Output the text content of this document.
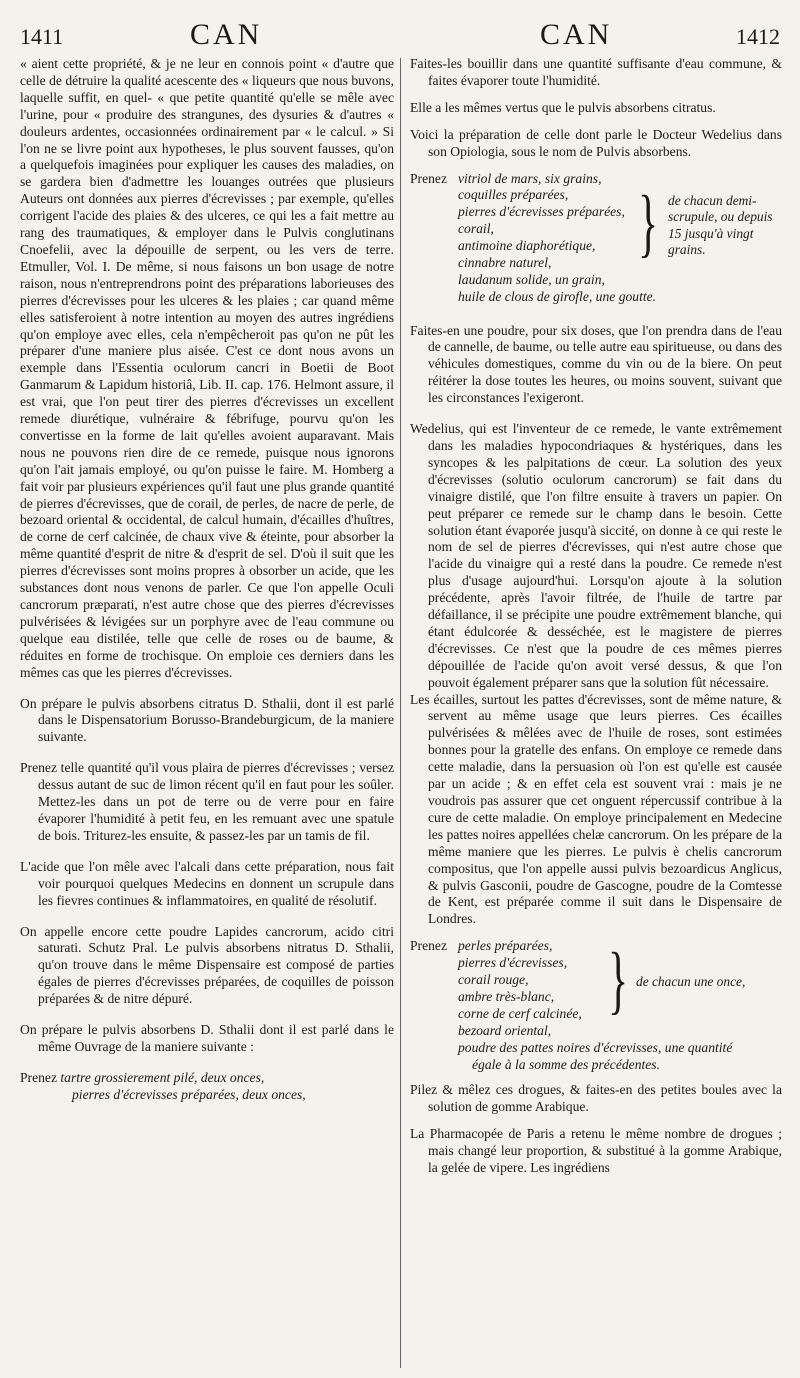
1411	CAN	CAN	1412

« aient cette propriété, & je ne leur en connois point « d'autre que celle de détruire la qualité acescente des « liqueurs que nous buvons, laquelle suffit, en quel- « que petite quantité qu'elle se mêle avec l'urine, pour « produire des strangunes, des dysuries & d'autres « douleurs ardentes, occasionnées ordinairement par « le calcul. » Si l'on ne se livre point aux hypotheses, le plus souvent fausses, qu'on a quelquefois imaginées pour expliquer les causes des maladies, on se gardera bien d'admettre les louanges outrées que plusieurs Auteurs ont données aux pierres d'écrevisses ; par exemple, qu'elles corrigent l'acide des plaies & des ulceres, ce qui les a fait mettre au rang des traumatiques, & employer dans le Pulvis conglutinans Cnoefelii, avec la dépouille de serpent, ou les vers de terre. Etmuller, Vol. I. De même, si nous faisons un bon usage de notre raison, nous n'entreprendrons point des préparations laborieuses des pierres d'écrevisses pour les ulceres & les plaies ; car quand même elles satisferoient à notre intention au moyen des autres ingrédiens qu'on employe avec elles, cela n'empêcheroit pas qu'on ne pût les préparer d'une maniere plus aisée. C'est ce dont nous avons un exemple dans l'Essentia oculorum cancri in Boetii de Boot Ganmarum & Lapidum historiâ, Lib. II. cap. 176. Helmont assure, il est vrai, que l'on peut tirer des pierres d'écrevisses un excellent remede diurétique, vulnéraire & fébrifuge, pourvu qu'on les convertisse en la forme de lait qu'elles avoient auparavant. Mais nous ne pouvons rien dire de ce remede, puisque nous ignorons qu'on l'ait jamais employé, ou qu'on puisse le faire. M. Homberg a fait voir par plusieurs expériences qu'il faut une plus grande quantité de pierres d'écrevisses, que de corail, de perles, de nacre de perle, de bezoard oriental & occidental, de calcul humain, d'écailles d'huîtres, de corne de cerf calcinée, de chaux vive & éteinte, pour absorber la même quantité d'esprit de nitre & d'esprit de sel. D'où il suit que les pierres d'écrevisses sont moins propres à obsorber un acide, que les substances dont nous venons de parler. Ce que l'on appelle Oculi cancrorum præparati, n'est autre chose que des pierres d'écrevisses pulvérisées & lévigées sur un porphyre avec de l'eau commune ou quelque eau distilée, telle que celle de roses ou de baume, & réduites en forme de trochisque. On emploie ces derniers dans les mêmes cas que les pierres d'écrevisses.

On prépare le pulvis absorbens citratus D. Sthalii, dont il est parlé dans le Dispensatorium Borusso-Brandeburgicum, de la maniere suivante.

Prenez telle quantité qu'il vous plaira de pierres d'écrevisses ; versez dessus autant de suc de limon récent qu'il en faut pour les soûler. Mettez-les dans un pot de terre ou de verre pour en faire évaporer l'humidité à petit feu, en les remuant avec une spatule de bois. Triturez-les ensuite, & passez-les par un tamis de fil.

L'acide que l'on mêle avec l'alcali dans cette préparation, nous fait voir pourquoi quelques Medecins en donnent un scrupule dans les fievres continues & inflammatoires, en qualité de résolutif.

On appelle encore cette poudre Lapides cancrorum, acido citri saturati. Schutz Pral. Le pulvis absorbens nitratus D. Sthalii, qu'on trouve dans le même Dispensaire est composé de parties égales de pierres d'écrevisses préparées, de coquilles de poisson préparées & de nitre dépuré.

On prépare le pulvis absorbens D. Sthalii dont il est parlé dans le même Ouvrage de la maniere suivante :

Prenez tartre grossierement pilé, deux onces,
pierres d'écrevisses préparées, deux onces,

Faites-les bouillir dans une quantité suffisante d'eau commune, & faites évaporer toute l'humidité.

Elle a les mêmes vertus que le pulvis absorbens citratus.

Voici la préparation de celle dont parle le Docteur Wedelius dans son Opiologia, sous le nom de Pulvis absorbens.

Prenez vitriol de mars, six grains,
coquilles préparées,
pierres d'écrevisses préparées,
corail,
antimoine diaphorétique,
cinnabre naturel,
laudanum solide, un grain,
huile de clous de girofle, une goutte.
} de chacun demi-scrupule, ou depuis 15 jusqu'à vingt grains.

Faites-en une poudre, pour six doses, que l'on prendra dans de l'eau de cannelle, de baume, ou telle autre eau spiritueuse, ou dans des véhicules domestiques, comme du vin ou de la biere. On peut réitérer la dose toutes les heures, ou moins souvent, suivant que les circonstances l'exigeront.

Wedelius, qui est l'inventeur de ce remede, le vante extrêmement dans les maladies hypocondriaques & hystériques, dans les syncopes & les palpitations de cœur. La solution des yeux d'écrevisses (solutio oculorum cancrorum) se fait dans du vinaigre distilé, que l'on filtre ensuite à travers un papier. On peut préparer ce remede sur le champ dans le besoin. Cette solution étant évaporée jusqu'à siccité, on donne à ce qui reste le nom de sel de pierres d'écrevisses, qui n'est autre chose que l'acide du vinaigre qui a resté dans la poudre. Ce remede n'est plus d'usage aujourd'hui. Lorsqu'on ajoute à la solution précédente, après l'avoir filtrée, de l'huile de tartre par défaillance, il se précipite une poudre extrêmement blanche, qui étant édulcorée & desséchée, est le magistere de pierres d'écrevisses. Ce n'est que la poudre de ces mêmes pierres dépouillée de l'acide qu'on avoit versé dessus, & que l'on pouvoit également préparer sans que la solution fût nécessaire.

Les écailles, surtout les pattes d'écrevisses, sont de même nature, & servent au même usage que leurs pierres. Ces écailles pulvérisées & mêlées avec de l'huile de roses, sont estimées bonnes pour la gratelle des enfans. On employe ce remede dans cette maladie, dans la persuasion où l'on est qu'elle est causée par un acide ; & en effet cela est souvent vrai : mais je ne voudrois pas assurer que cet onguent répercussif contribue à la cure de cette maladie. On employe principalement en Medecine les pattes noires appellées chelæ cancrorum. On les prépare de la même maniere que les pierres. Le pulvis è chelis cancrorum compositus, que l'on appelle aussi pulvis bezoardicus Anglicus, & pulvis Gasconii, poudre de Gascogne, poudre de la Comtesse de Kent, est préparée comme il suit dans le Dispensaire de Londres.

Prenez perles préparées,
pierres d'écrevisses,
corail rouge,
ambre très-blanc,
corne de cerf calcinée,
bezoard oriental,
poudre des pattes noires d'écrevisses, une quantité
égale à la somme des précédentes.
} de chacun une once,

Pilez & mêlez ces drogues, & faites-en des petites boules avec la solution de gomme Arabique.

La Pharmacopée de Paris a retenu le même nombre de drogues ; mais changé leur proportion, & substitué à la gomme Arabique, la gelée de vipere. Les ingrédiens
